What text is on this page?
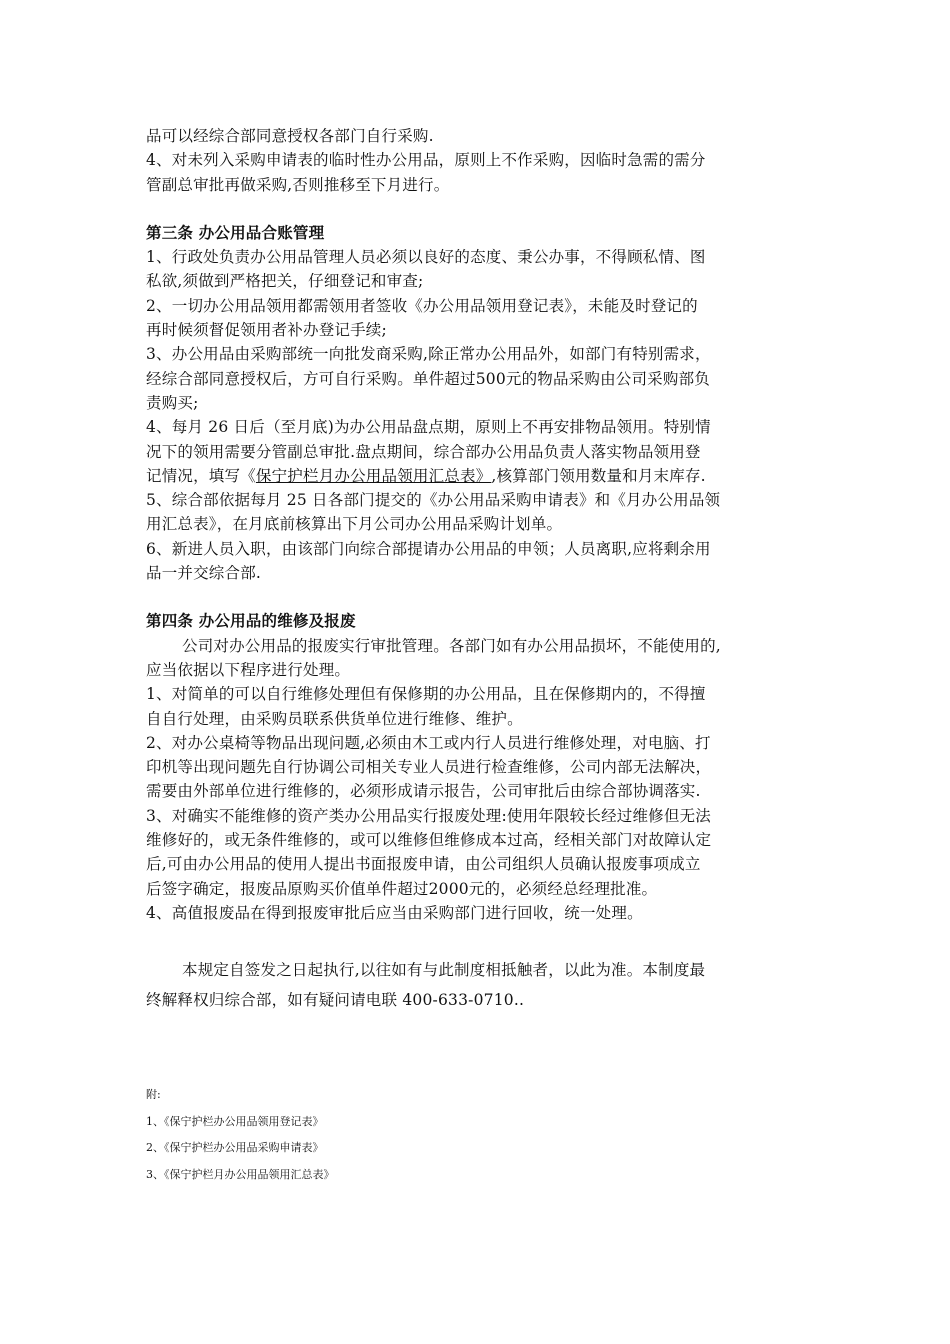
品可以经综合部同意授权各部门自行采购.
4、对未列入采购申请表的临时性办公用品，原则上不作采购，因临时急需的需分
管副总审批再做采购,否则推移至下月进行。
第三条 办公用品合账管理
1、行政处负责办公用品管理人员必须以良好的态度、秉公办事，不得顾私情、图
私欲,须做到严格把关，仔细登记和审查;
2、一切办公用品领用都需领用者签收《办公用品领用登记表》，未能及时登记的
再时候须督促领用者补办登记手续;
3、办公用品由采购部统一向批发商采购,除正常办公用品外，如部门有特别需求，
经综合部同意授权后，方可自行采购。单件超过500元的物品采购由公司采购部负
责购买;
4、每月 26 日后（至月底)为办公用品盘点期，原则上不再安排物品领用。特别情
况下的领用需要分管副总审批.盘点期间，综合部办公用品负责人落实物品领用登
记情况，填写《保宁护栏月办公用品领用汇总表》,核算部门领用数量和月末库存.
5、综合部依据每月 25 日各部门提交的《办公用品采购申请表》和《月办公用品领
用汇总表》，在月底前核算出下月公司办公用品采购计划单。
6、新进人员入职，由该部门向综合部提请办公用品的申领；人员离职,应将剩余用
品一并交综合部.
第四条 办公用品的维修及报废
公司对办公用品的报废实行审批管理。各部门如有办公用品损坏，不能使用的,
应当依据以下程序进行处理。
1、对简单的可以自行维修处理但有保修期的办公用品，且在保修期内的，不得擅
自自行处理，由采购员联系供货单位进行维修、维护。
2、对办公桌椅等物品出现问题,必须由木工或内行人员进行维修处理，对电脑、打
印机等出现问题先自行协调公司相关专业人员进行检查维修，公司内部无法解决，
需要由外部单位进行维修的，必须形成请示报告，公司审批后由综合部协调落实.
3、对确实不能维修的资产类办公用品实行报废处理:使用年限较长经过维修但无法
维修好的，或无条件维修的，或可以维修但维修成本过高，经相关部门对故障认定
后,可由办公用品的使用人提出书面报废申请，由公司组织人员确认报废事项成立
后签字确定，报废品原购买价值单件超过2000元的，必须经总经理批准。
4、高值报废品在得到报废审批后应当由采购部门进行回收，统一处理。
本规定自签发之日起执行,以往如有与此制度相抵触者，以此为准。本制度最
终解释权归综合部，如有疑问请电联 400-633-0710..
附:
1、《保宁护栏办公用品领用登记表》
2、《保宁护栏办公用品采购申请表》
3、《保宁护栏月办公用品领用汇总表》
